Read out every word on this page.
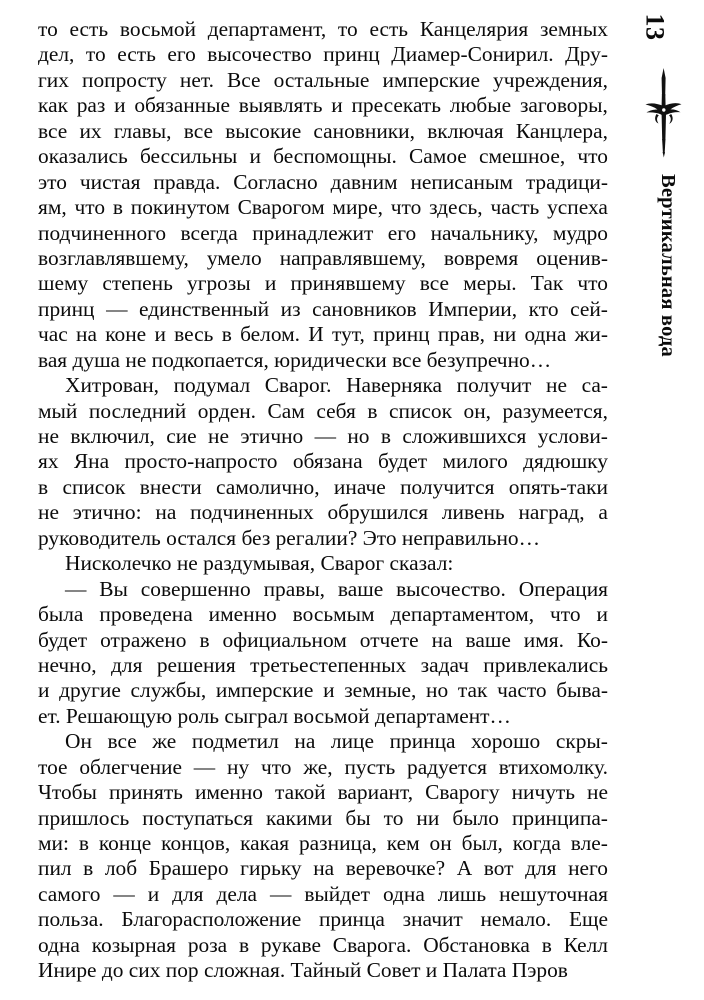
то есть восьмой департамент, то есть Канцелярия земных
дел, то есть его высочество принц Диамер-Сонирил. Дру-
гих попросту нет. Все остальные имперские учреждения,
как раз и обязанные выявлять и пресекать любые заговоры,
все их главы, все высокие сановники, включая Канцлера,
оказались бессильны и беспомощны. Самое смешное, что
это чистая правда. Согласно давним неписаным традици-
ям, что в покинутом Сварогом мире, что здесь, часть успеха
подчиненного всегда принадлежит его начальнику, мудро
возглавлявшему, умело направлявшему, вовремя оценив-
шему степень угрозы и принявшему все меры. Так что
принц — единственный из сановников Империи, кто сей-
час на коне и весь в белом. И тут, принц прав, ни одна жи-
вая душа не подкопается, юридически все безупречно…

Хитрован, подумал Сварог. Наверняка получит не са-
мый последний орден. Сам себя в список он, разумеется,
не включил, сие не этично — но в сложившихся услови-
ях Яна просто-напросто обязана будет милого дядюшку
в список внести самолично, иначе получится опять-таки
не этично: на подчиненных обрушился ливень наград, а
руководитель остался без регалии? Это неправильно…

Нисколечко не раздумывая, Сварог сказал:

— Вы совершенно правы, ваше высочество. Операция
была проведена именно восьмым департаментом, что и
будет отражено в официальном отчете на ваше имя. Ко-
нечно, для решения третьестепенных задач привлекались
и другие службы, имперские и земные, но так часто быва-
ет. Решающую роль сыграл восьмой департамент…

Он все же подметил на лице принца хорошо скры-
тое облегчение — ну что же, пусть радуется втихомолку.
Чтобы принять именно такой вариант, Сварогу ничуть не
пришлось поступаться какими бы то ни было принципа-
ми: в конце концов, какая разница, кем он был, когда вле-
пил в лоб Брашеро гирьку на веревочке? А вот для него
самого — и для дела — выйдет одна лишь нешуточная
польза. Благорасположение принца значит немало. Еще
одна козырная роза в рукаве Сварога. Обстановка в Келл
Инире до сих пор сложная. Тайный Совет и Палата Пэров

13
Вертикальная вода
